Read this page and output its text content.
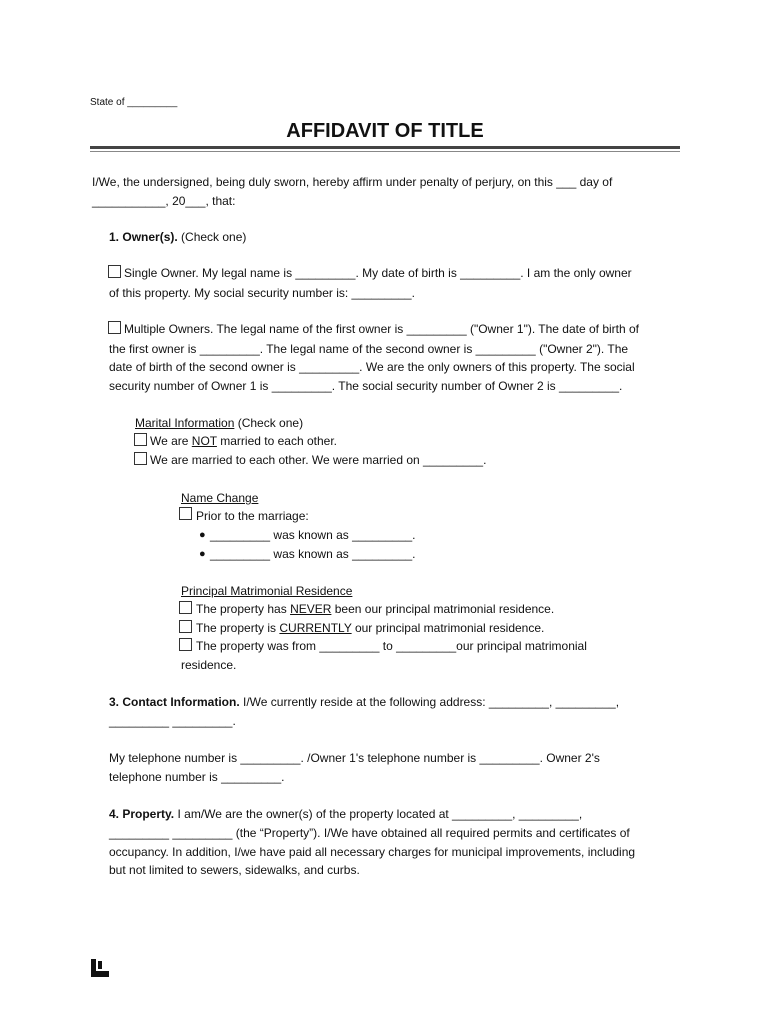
State of _________
AFFIDAVIT OF TITLE
I/We, the undersigned, being duly sworn, hereby affirm under penalty of perjury, on this ___ day of
___________, 20___, that:
1. Owner(s). (Check one)
Single Owner. My legal name is _________. My date of birth is _________. I am the only owner
of this property. My social security number is: _________.
Multiple Owners. The legal name of the first owner is _________ ("Owner 1"). The date of birth of
the first owner is _________. The legal name of the second owner is _________ ("Owner 2"). The
date of birth of the second owner is _________. We are the only owners of this property. The social
security number of Owner 1 is _________. The social security number of Owner 2 is _________.
Marital Information (Check one)
We are NOT married to each other.
We are married to each other. We were married on _________.
Name Change
Prior to the marriage:
● _________ was known as _________.
● _________ was known as _________.
Principal Matrimonial Residence
The property has NEVER been our principal matrimonial residence.
The property is CURRENTLY our principal matrimonial residence.
The property was from _________ to _________our principal matrimonial
residence.
3. Contact Information. I/We currently reside at the following address: _________, _________,
_________ _________.
My telephone number is _________. /Owner 1's telephone number is _________. Owner 2's
telephone number is _________.
4. Property. I am/We are the owner(s) of the property located at _________, _________,
_________ _________ (the “Property”). I/We have obtained all required permits and certificates of
occupancy. In addition, I/we have paid all necessary charges for municipal improvements, including
but not limited to sewers, sidewalks, and curbs.
